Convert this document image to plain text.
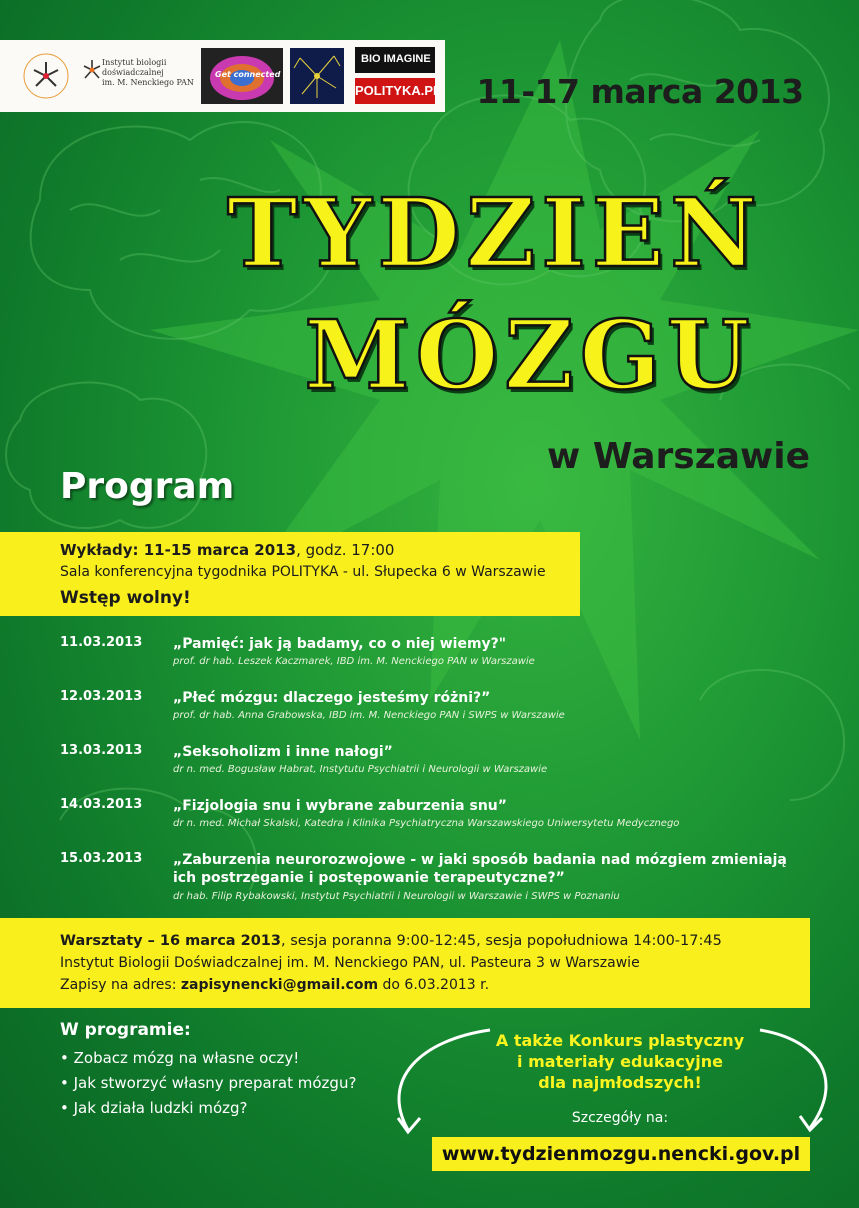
Instytut biologii doświadczalnej
im. M. Nenckiego PAN
Get connected
BIO IMAGINE
POLITYKA.PL	11-17 marca 2013
TYDZIEŃ
MÓZGU
w Warszawie
Program
Wykłady: 11-15 marca 2013, godz. 17:00
Sala konferencyjna tygodnika POLITYKA - ul. Słupecka 6 w Warszawie
Wstęp wolny!
11.03.2013 „Pamięć: jak ją badamy, co o niej wiemy?"
prof. dr hab. Leszek Kaczmarek, IBD im. M. Nenckiego PAN w Warszawie
12.03.2013 „Płeć mózgu: dlaczego jesteśmy różni?”
prof. dr hab. Anna Grabowska, IBD im. M. Nenckiego PAN i SWPS w Warszawie
13.03.2013 „Seksoholizm i inne nałogi”
dr n. med. Bogusław Habrat, Instytutu Psychiatrii i Neurologii w Warszawie
14.03.2013 „Fizjologia snu i wybrane zaburzenia snu”
dr n. med. Michał Skalski, Katedra i Klinika Psychiatryczna Warszawskiego Uniwersytetu Medycznego
15.03.2013 „Zaburzenia neurorozwojowe - w jaki sposób badania nad mózgiem zmieniają
ich postrzeganie i postępowanie terapeutyczne?”
dr hab. Filip Rybakowski, Instytut Psychiatrii i Neurologii w Warszawie i SWPS w Poznaniu
Warsztaty – 16 marca 2013, sesja poranna 9:00-12:45, sesja popołudniowa 14:00-17:45
Instytut Biologii Doświadczalnej im. M. Nenckiego PAN, ul. Pasteura 3 w Warszawie
Zapisy na adres: zapisynencki@gmail.com do 6.03.2013 r.
W programie:
• Zobacz mózg na własne oczy!
• Jak stworzyć własny preparat mózgu?
• Jak działa ludzki mózg?
A także Konkurs plastyczny
i materiały edukacyjne
dla najmłodszych!
Szczegóły na:
www.tydzienmozgu.nencki.gov.pl
